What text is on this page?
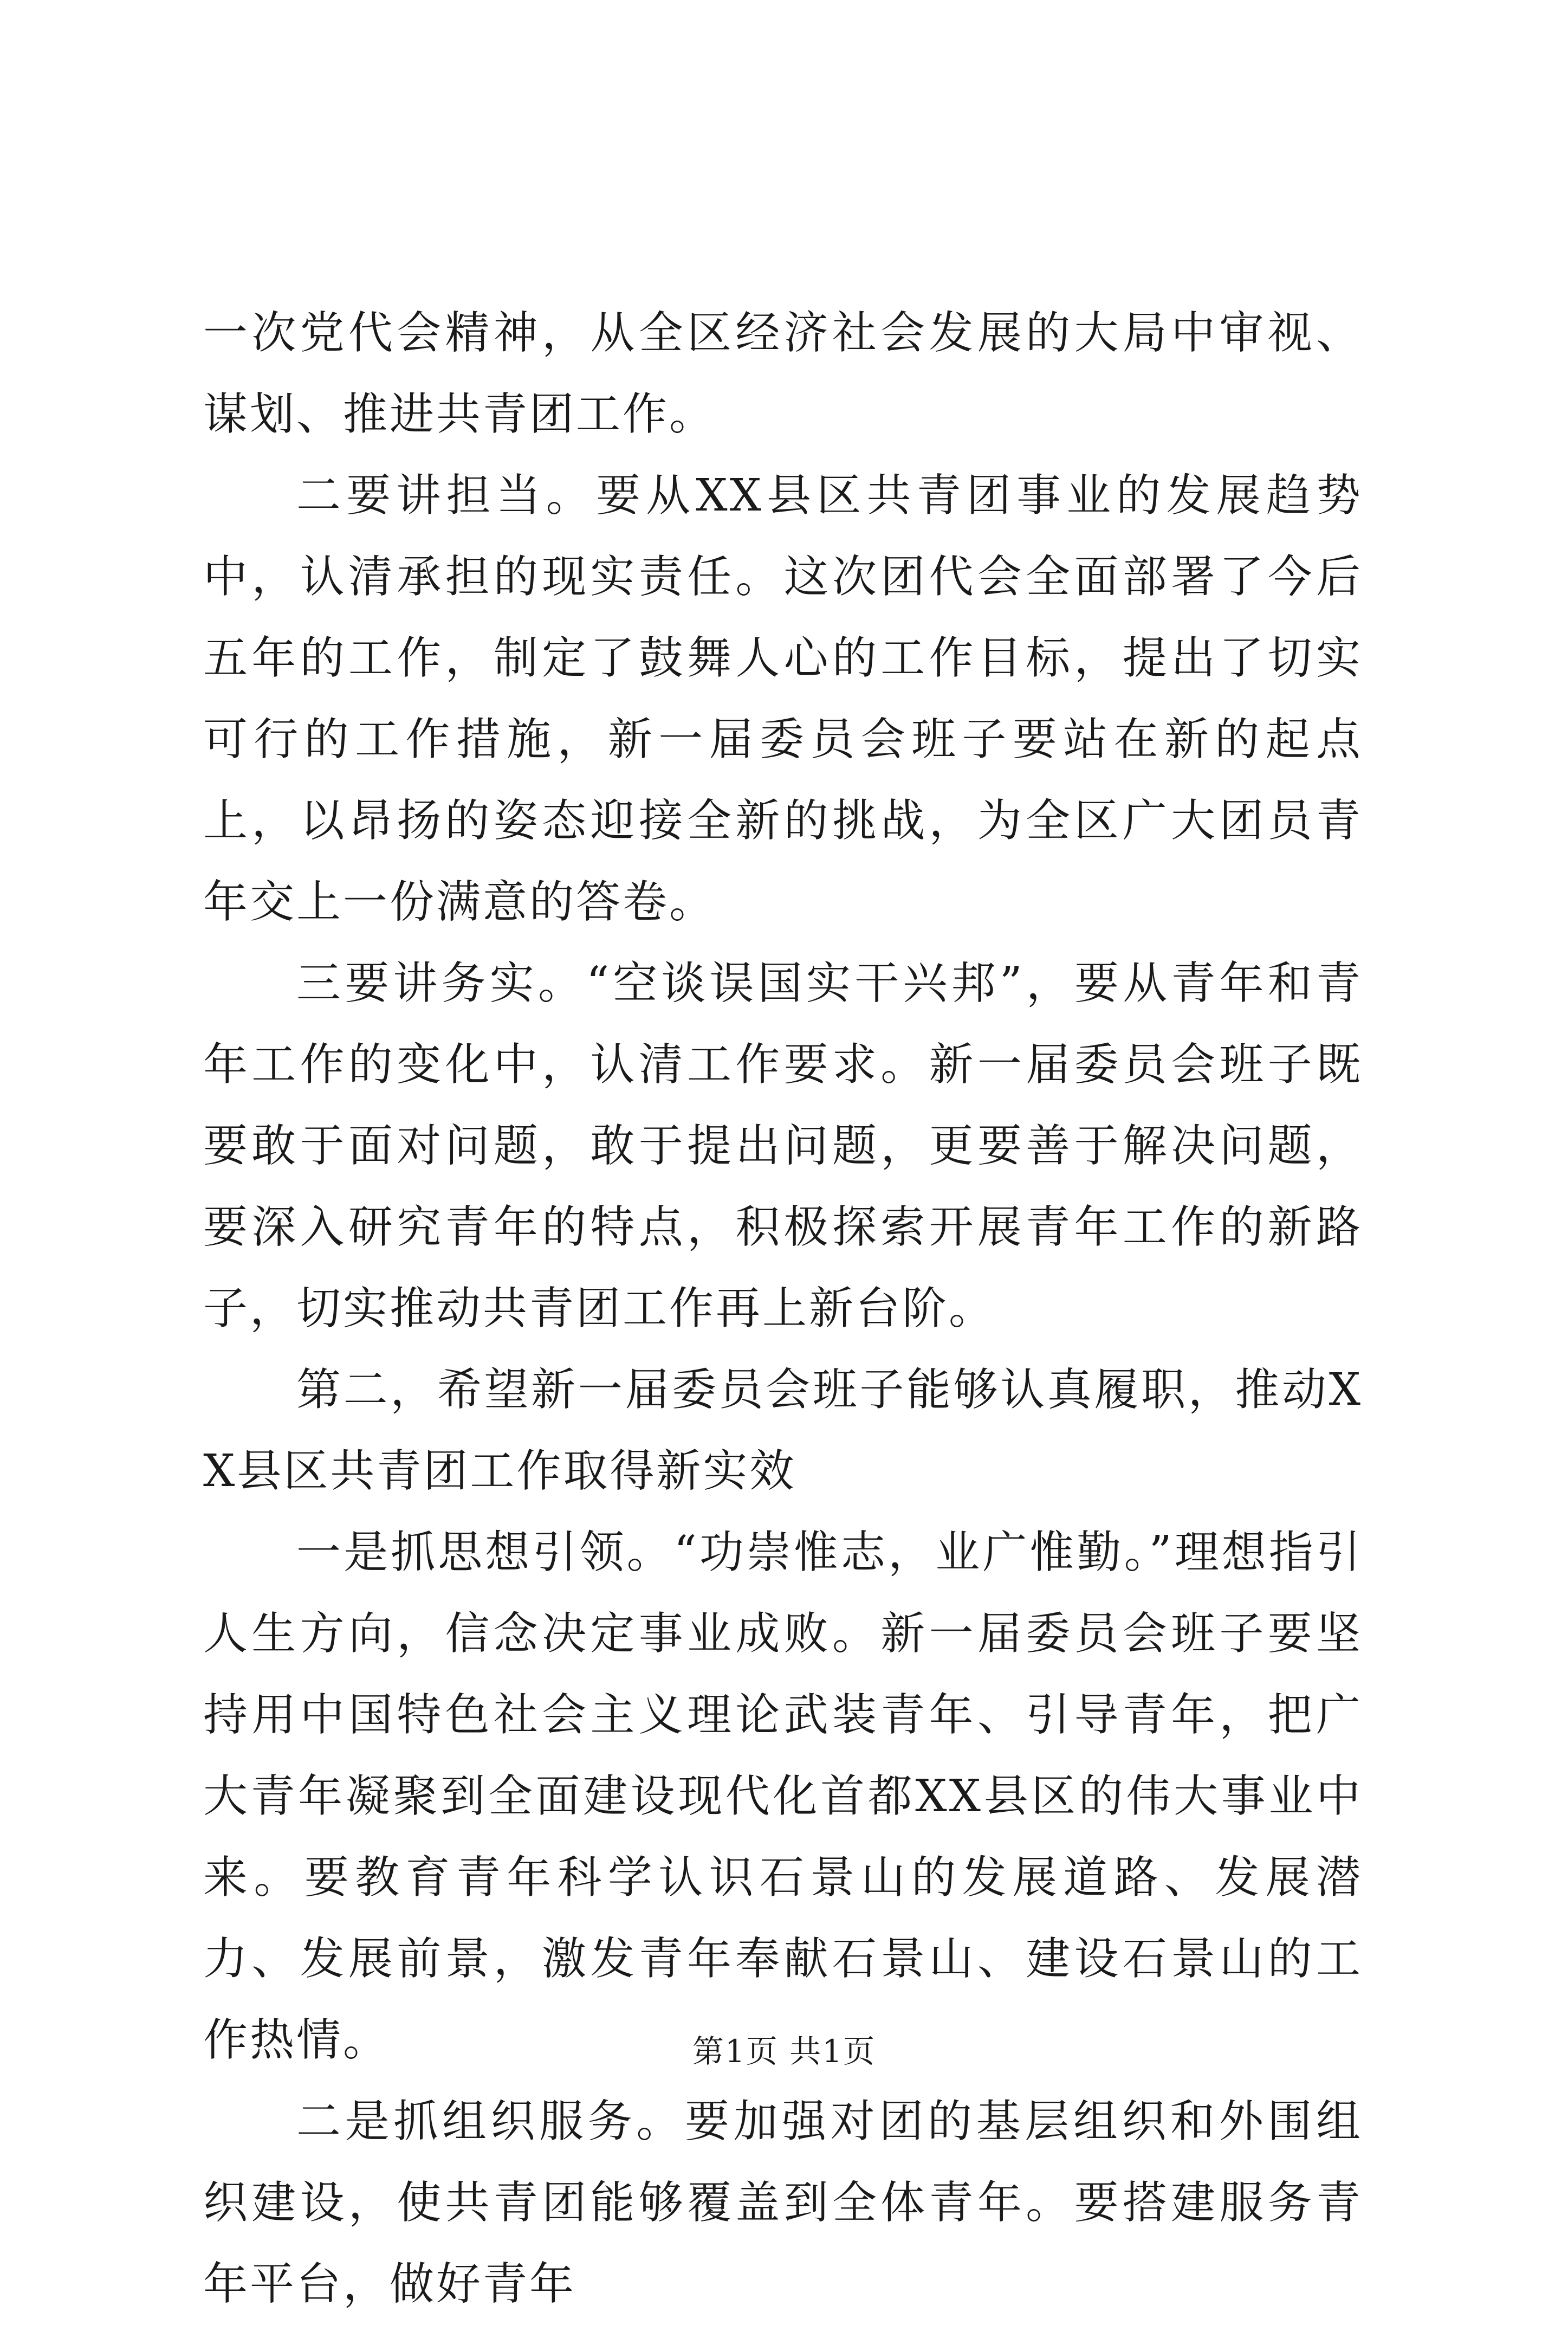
一次党代会精神，从全区经济社会发展的大局中审视、谋划、推进共青团工作。

二要讲担当。要从XX县区共青团事业的发展趋势中，认清承担的现实责任。这次团代会全面部署了今后五年的工作，制定了鼓舞人心的工作目标，提出了切实可行的工作措施，新一届委员会班子要站在新的起点上，以昂扬的姿态迎接全新的挑战，为全区广大团员青年交上一份满意的答卷。

三要讲务实。“空谈误国实干兴邦”，要从青年和青年工作的变化中，认清工作要求。新一届委员会班子既要敢于面对问题，敢于提出问题，更要善于解决问题，要深入研究青年的特点，积极探索开展青年工作的新路子，切实推动共青团工作再上新台阶。

第二，希望新一届委员会班子能够认真履职，推动XX县区共青团工作取得新实效

一是抓思想引领。“功崇惟志，业广惟勤。”理想指引人生方向，信念决定事业成败。新一届委员会班子要坚持用中国特色社会主义理论武装青年、引导青年，把广大青年凝聚到全面建设现代化首都XX县区的伟大事业中来。要教育青年科学认识石景山的发展道路、发展潜力、发展前景，激发青年奉献石景山、建设石景山的工作热情。

二是抓组织服务。要加强对团的基层组织和外围组织建设，使共青团能够覆盖到全体青年。要搭建服务青年平台，做好青年

第1页 共1页
